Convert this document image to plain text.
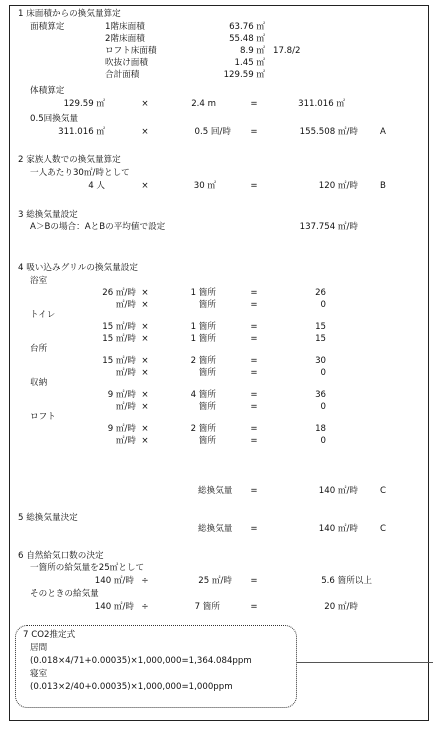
1 床面積からの換気量算定
面積算定	1階床面積	63.76 ㎡
2階床面積	55.48 ㎡
ロフト床面積	8.9 ㎡ 17.8/2
吹抜け面積	1.45 ㎡
合計面積	129.59 ㎡
体積算定
129.59 ㎡	×	2.4 m	=	311.016 ㎡
0.5回換気量
311.016 ㎡	×	0.5 回/時 =	155.508 ㎡/時	A
2 家族人数での換気量算定
一人あたり30㎡/時として
4 人	×	30 ㎡	=	120 ㎡/時	B
3 総換気量設定
A＞Bの場合：AとBの平均値で設定	137.754 ㎡/時
4 吸い込みグリルの換気量設定
浴室
26 ㎡/時 ×	1 箇所	=	26
㎡/時 ×	箇所	=	0
トイレ
15 ㎡/時 ×	1 箇所	=	15
15 ㎡/時 ×	1 箇所	=	15
台所
15 ㎡/時 ×	2 箇所	=	30
㎡/時 ×	箇所	=	0
収納
9 ㎡/時 ×	4 箇所	=	36
㎡/時 ×	箇所	=	0
ロフト
9 ㎡/時 ×	2 箇所	=	18
㎡/時 ×	箇所	=	0
総換気量 =	140 ㎡/時	C
5 総換気量決定
総換気量 =	140 ㎡/時	C
6 自然給気口数の決定
一箇所の給気量を25㎡として
140 ㎡/時 ÷	25 ㎡/時 =	5.6 箇所以上
そのときの給気量
140 ㎡/時 ÷	7 箇所	=	20 ㎡/時
7 CO2推定式
居間
(0.018×4/71+0.00035)×1,000,000=1,364.084ppm
寝室
(0.013×2/40+0.00035)×1,000,000=1,000ppm
